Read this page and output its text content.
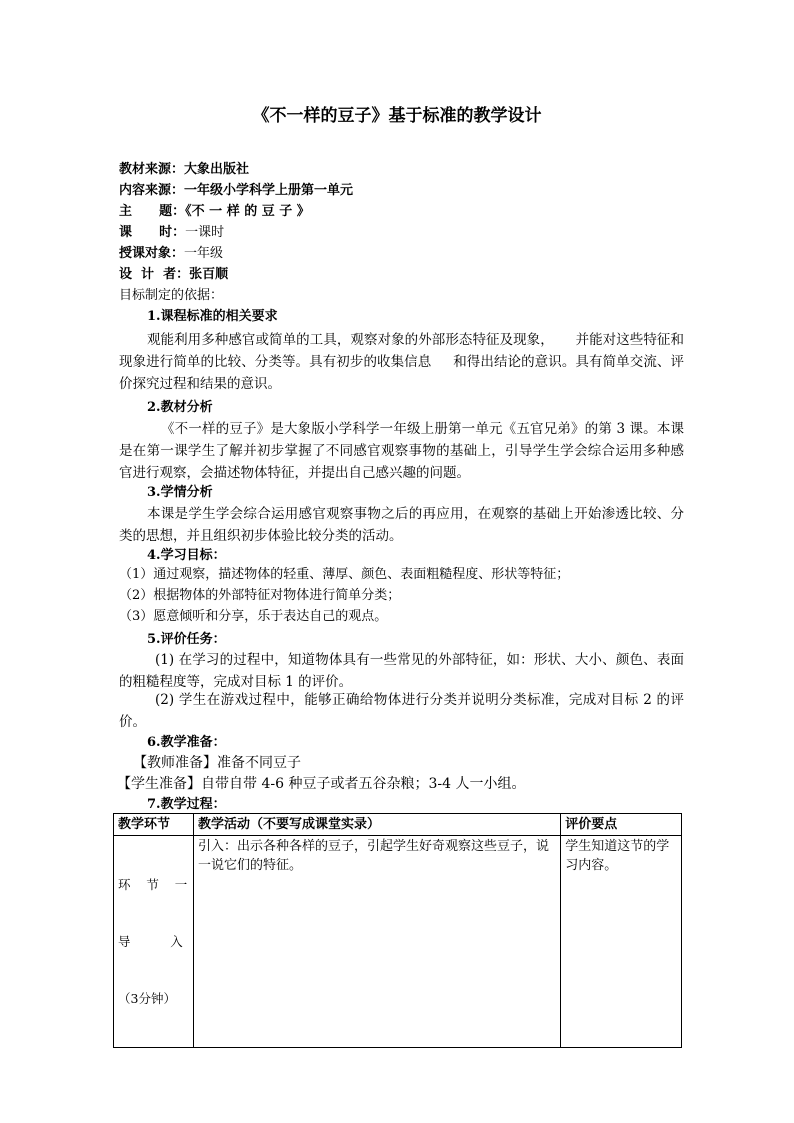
《不一样的豆子》基于标准的教学设计
教材来源：大象出版社
内容来源：一年级小学科学上册第一单元
主      题：《不 一 样 的 豆 子 》
课      时：一课时
授课对象：一年级
设  计  者：张百顺
目标制定的依据：
1.课程标准的相关要求

观能利用多种感官或简单的工具，观察对象的外部形态特征及现象，     并能对这些特征和现象进行简单的比较、分类等。具有初步的收集信息     和得出结论的意识。具有简单交流、评价探究过程和结果的意识。

2.教材分析

《不一样的豆子》是大象版小学科学一年级上册第一单元《五官兄弟》的第 3 课。本课是在第一课学生了解并初步掌握了不同感官观察事物的基础上，引导学生学会综合运用多种感官进行观察，会描述物体特征，并提出自己感兴趣的问题。

3.学情分析

本课是学生学会综合运用感官观察事物之后的再应用，在观察的基础上开始渗透比较、分类的思想，并且组织初步体验比较分类的活动。

4.学习目标：
（1）通过观察，描述物体的轻重、薄厚、颜色、表面粗糙程度、形状等特征；
（2）根据物体的外部特征对物体进行简单分类；
（3）愿意倾听和分享，乐于表达自己的观点。
5.评价任务：

(1) 在学习的过程中，知道物体具有一些常见的外部特征，如：形状、大小、颜色、表面的粗糙程度等，完成对目标 1 的评价。

(2) 学生在游戏过程中，能够正确给物体进行分类并说明分类标准，完成对目标 2 的评价。

6.教学准备：
【教师准备】准备不同豆子
【学生准备】自带自带 4-6 种豆子或者五谷杂粮；3-4 人一小组。
7.教学过程：
教学环节	教学活动（不要写成课堂实录）	评价要点

环    节    一

导          入

（3分钟）	引入：出示各种各样的豆子，引起学生好奇观察这些豆子，说一说它们的特征。	学生知道这节的学习内容。
